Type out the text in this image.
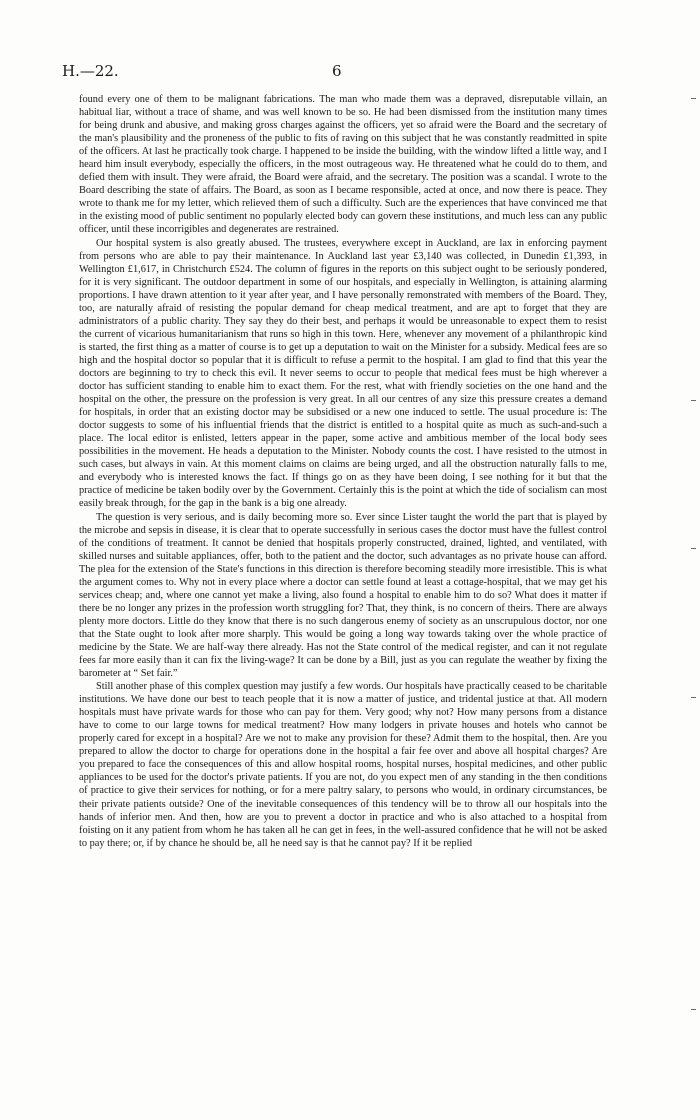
H.—22.	6

found every one of them to be malignant fabrications. The man who made them was a depraved, disreputable villain, an habitual liar, without a trace of shame, and was well known to be so. He had been dismissed from the institution many times for being drunk and abusive, and making gross charges against the officers, yet so afraid were the Board and the secretary of the man's plausibility and the proneness of the public to fits of raving on this subject that he was constantly readmitted in spite of the officers. At last he practically took charge. I happened to be inside the building, with the window lifted a little way, and I heard him insult everybody, especially the officers, in the most outrageous way. He threatened what he could do to them, and defied them with insult. They were afraid, the Board were afraid, and the secretary. The position was a scandal. I wrote to the Board describing the state of affairs. The Board, as soon as I became responsible, acted at once, and now there is peace. They wrote to thank me for my letter, which relieved them of such a difficulty. Such are the experiences that have convinced me that in the existing mood of public sentiment no popularly elected body can govern these institutions, and much less can any public officer, until these incorrigibles and degenerates are restrained.

Our hospital system is also greatly abused. The trustees, everywhere except in Auckland, are lax in enforcing payment from persons who are able to pay their maintenance. In Auckland last year £3,140 was collected, in Dunedin £1,393, in Wellington £1,617, in Christchurch £524. The column of figures in the reports on this subject ought to be seriously pondered, for it is very significant. The outdoor department in some of our hospitals, and especially in Wellington, is attaining alarming proportions. I have drawn attention to it year after year, and I have personally remonstrated with members of the Board. They, too, are naturally afraid of resisting the popular demand for cheap medical treatment, and are apt to forget that they are administrators of a public charity. They say they do their best, and perhaps it would be unreasonable to expect them to resist the current of vicarious humanitarianism that runs so high in this town. Here, whenever any movement of a philanthropic kind is started, the first thing as a matter of course is to get up a deputation to wait on the Minister for a subsidy. Medical fees are so high and the hospital doctor so popular that it is difficult to refuse a permit to the hospital. I am glad to find that this year the doctors are beginning to try to check this evil. It never seems to occur to people that medical fees must be high wherever a doctor has sufficient standing to enable him to exact them. For the rest, what with friendly societies on the one hand and the hospital on the other, the pressure on the profession is very great. In all our centres of any size this pressure creates a demand for hospitals, in order that an existing doctor may be subsidised or a new one induced to settle. The usual procedure is: The doctor suggests to some of his influential friends that the district is entitled to a hospital quite as much as such-and-such a place. The local editor is enlisted, letters appear in the paper, some active and ambitious member of the local body sees possibilities in the movement. He heads a deputation to the Minister. Nobody counts the cost. I have resisted to the utmost in such cases, but always in vain. At this moment claims on claims are being urged, and all the obstruction naturally falls to me, and everybody who is interested knows the fact. If things go on as they have been doing, I see nothing for it but that the practice of medicine be taken bodily over by the Government. Certainly this is the point at which the tide of socialism can most easily break through, for the gap in the bank is a big one already.

The question is very serious, and is daily becoming more so. Ever since Lister taught the world the part that is played by the microbe and sepsis in disease, it is clear that to operate successfully in serious cases the doctor must have the fullest control of the conditions of treatment. It cannot be denied that hospitals properly constructed, drained, lighted, and ventilated, with skilled nurses and suitable appliances, offer, both to the patient and the doctor, such advantages as no private house can afford. The plea for the extension of the State's functions in this direction is therefore becoming steadily more irresistible. This is what the argument comes to. Why not in every place where a doctor can settle found at least a cottage-hospital, that we may get his services cheap; and, where one cannot yet make a living, also found a hospital to enable him to do so? What does it matter if there be no longer any prizes in the profession worth struggling for? That, they think, is no concern of theirs. There are always plenty more doctors. Little do they know that there is no such dangerous enemy of society as an unscrupulous doctor, nor one that the State ought to look after more sharply. This would be going a long way towards taking over the whole practice of medicine by the State. We are half-way there already. Has not the State control of the medical register, and can it not regulate fees far more easily than it can fix the living-wage? It can be done by a Bill, just as you can regulate the weather by fixing the barometer at “ Set fair.”

Still another phase of this complex question may justify a few words. Our hospitals have practically ceased to be charitable institutions. We have done our best to teach people that it is now a matter of justice, and tridental justice at that. All modern hospitals must have private wards for those who can pay for them. Very good; why not? How many persons from a distance have to come to our large towns for medical treatment? How many lodgers in private houses and hotels who cannot be properly cared for except in a hospital? Are we not to make any provision for these? Admit them to the hospital, then. Are you prepared to allow the doctor to charge for operations done in the hospital a fair fee over and above all hospital charges? Are you prepared to face the consequences of this and allow hospital rooms, hospital nurses, hospital medicines, and other public appliances to be used for the doctor's private patients. If you are not, do you expect men of any standing in the then conditions of practice to give their services for nothing, or for a mere paltry salary, to persons who would, in ordinary circumstances, be their private patients outside? One of the inevitable consequences of this tendency will be to throw all our hospitals into the hands of inferior men. And then, how are you to prevent a doctor in practice and who is also attached to a hospital from foisting on it any patient from whom he has taken all he can get in fees, in the well-assured confidence that he will not be asked to pay there; or, if by chance he should be, all he need say is that he cannot pay? If it be replied
